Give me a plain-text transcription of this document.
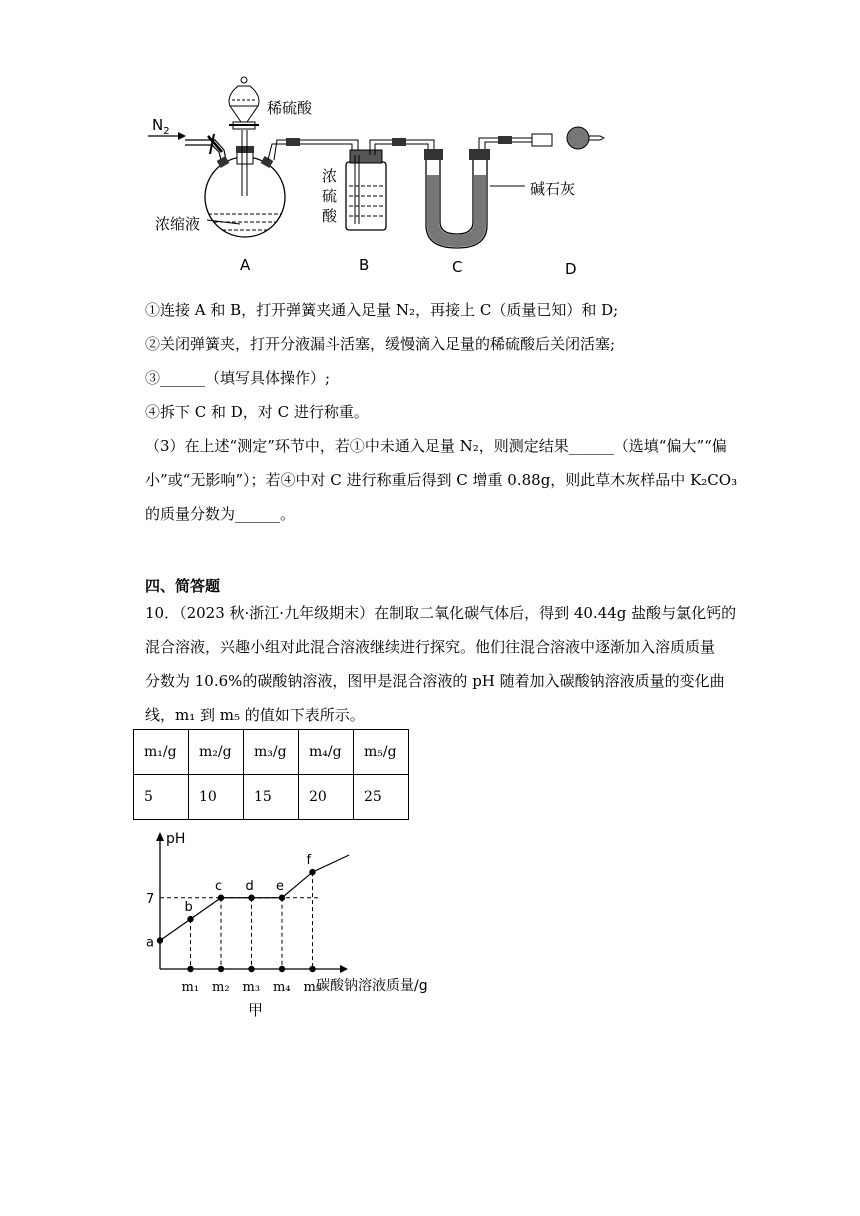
$N_2$
稀硫酸
浓缩液
浓
硫
酸
碱石灰
A	B	C	D
①连接 A 和 B，打开弹簧夹通入足量 N₂，再接上 C（质量已知）和 D;
②关闭弹簧夹，打开分液漏斗活塞，缓慢滴入足量的稀硫酸后关闭活塞;
③______（填写具体操作）;
④拆下 C 和 D，对 C 进行称重。
（3）在上述“测定”环节中，若①中未通入足量 N₂，则测定结果______（选填“偏大”“偏
小”或“无影响”）；若④中对 C 进行称重后得到 C 增重 0.88g，则此草木灰样品中 K₂CO₃
的质量分数为______。
四、简答题
10．（2023 秋·浙江·九年级期末）在制取二氧化碳气体后，得到 40.44g 盐酸与氯化钙的
混合溶液，兴趣小组对此混合溶液继续进行探究。他们往混合溶液中逐渐加入溶质质量
分数为 10.6%的碳酸钠溶液，图甲是混合溶液的 pH 随着加入碳酸钠溶液质量的变化曲
线，m₁ 到 m₅ 的值如下表所示。
m₁/g	m₂/g	m₃/g	m₄/g	m₅/g
5	10	15	20	25
pH
碳酸钠溶液质量/g
甲
7
m₁ m₂ m₃ m₄ m₅
a
b
c d e
f
